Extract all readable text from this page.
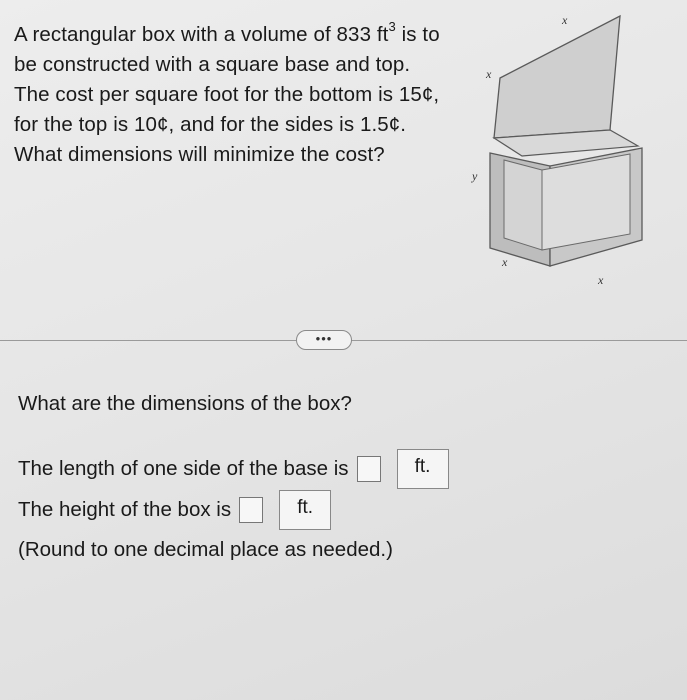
A rectangular box with a volume of 833 $ft^3$ is to be constructed with a square base and top. The cost per square foot for the bottom is 15¢, for the top is 10¢, and for the sides is 1.5¢. What dimensions will minimize the cost?
x
x
y
x
x
•••
What are the dimensions of the box?
The length of one side of the base is	ft.
The height of the box is	ft.
(Round to one decimal place as needed.)
